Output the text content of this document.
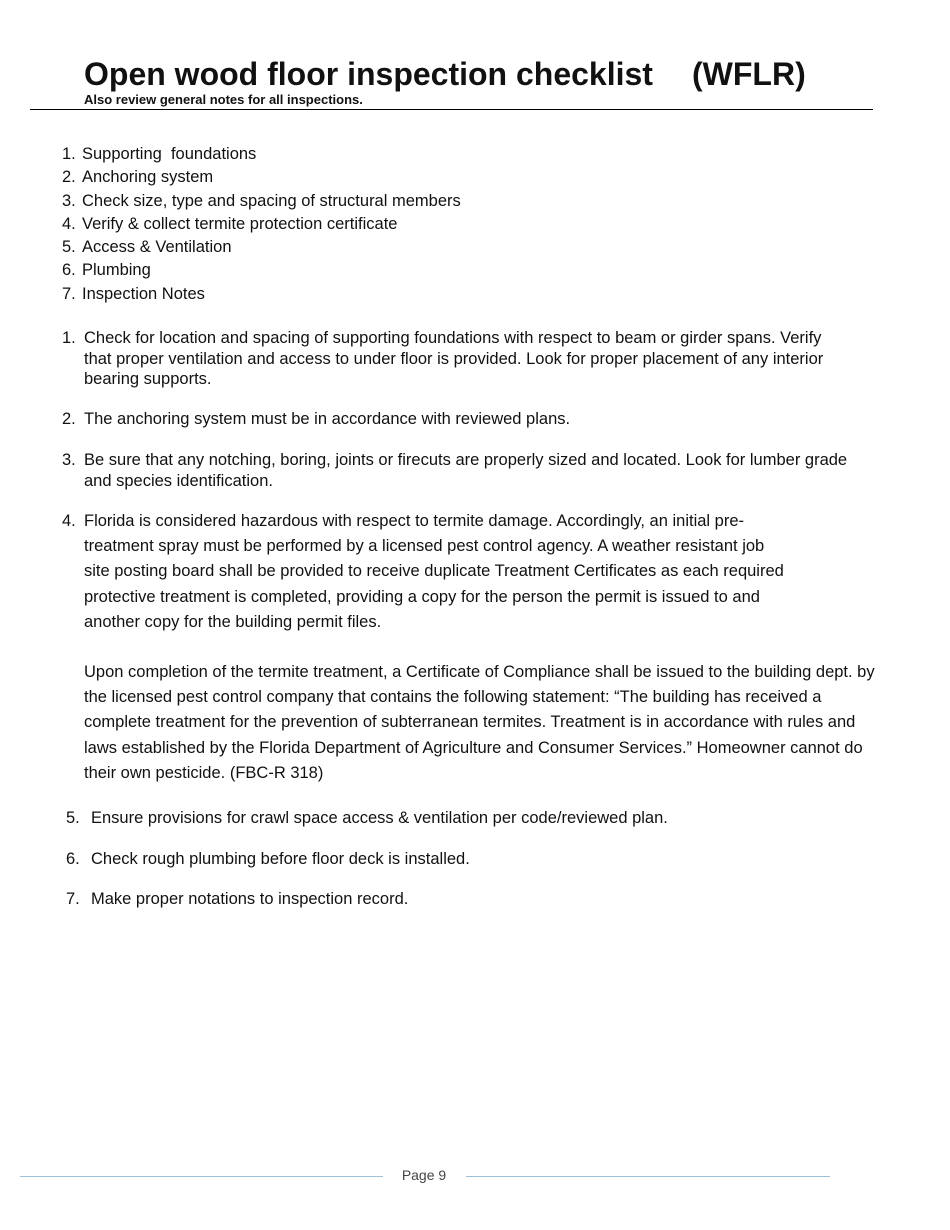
Open wood floor inspection checklist (WFLR)
Also review general notes for all inspections.
1. Supporting  foundations
2. Anchoring system
3. Check size, type and spacing of structural members
4. Verify & collect termite protection certificate
5. Access & Ventilation
6. Plumbing
7. Inspection Notes
1. Check for location and spacing of supporting foundations with respect to beam or girder spans. Verify that proper ventilation and access to under floor is provided. Look for proper placement of any interior bearing supports.
2. The anchoring system must be in accordance with reviewed plans.
3. Be sure that any notching, boring, joints or firecuts are properly sized and located. Look for lumber grade and species identification.
4. Florida is considered hazardous with respect to termite damage. Accordingly, an initial pre-treatment spray must be performed by a licensed pest control agency. A weather resistant job site posting board shall be provided to receive duplicate Treatment Certificates as each required protective treatment is completed, providing a copy for the person the permit is issued to and another copy for the building permit files.
Upon completion of the termite treatment, a Certificate of Compliance shall be issued to the building dept. by the licensed pest control company that contains the following statement: “The building has received a complete treatment for the prevention of subterranean termites. Treatment is in accordance with rules and laws established by the Florida Department of Agriculture and Consumer Services.” Homeowner cannot do their own pesticide. (FBC-R 318)
5. Ensure provisions for crawl space access & ventilation per code/reviewed plan.
6. Check rough plumbing before floor deck is installed.
7. Make proper notations to inspection record.
Page 9
